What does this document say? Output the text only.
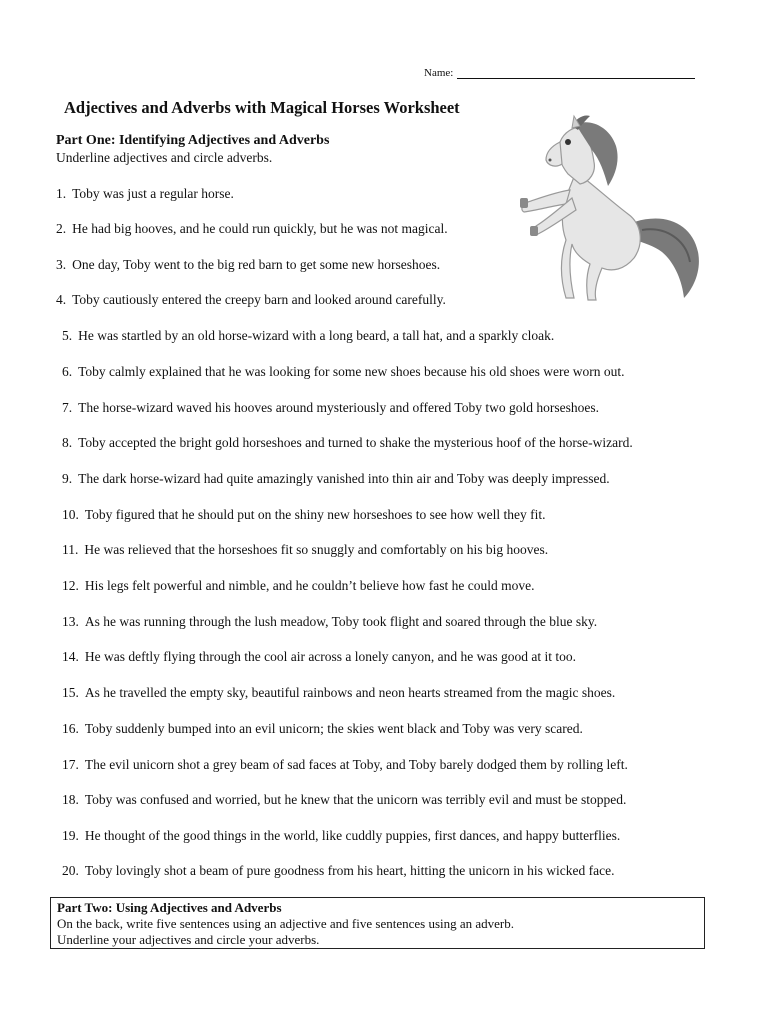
Name:
Adjectives and Adverbs with Magical Horses Worksheet
Part One: Identifying Adjectives and Adverbs

Underline adjectives and circle adverbs.

1. Toby was just a regular horse.
2. He had big hooves, and he could run quickly, but he was not magical.
3. One day, Toby went to the big red barn to get some new horseshoes.
4. Toby cautiously entered the creepy barn and looked around carefully.
5. He was startled by an old horse-wizard with a long beard, a tall hat, and a sparkly cloak.
6. Toby calmly explained that he was looking for some new shoes because his old shoes were worn out.
7. The horse-wizard waved his hooves around mysteriously and offered Toby two gold horseshoes.
8. Toby accepted the bright gold horseshoes and turned to shake the mysterious hoof of the horse-wizard.
9. The dark horse-wizard had quite amazingly vanished into thin air and Toby was deeply impressed.
10. Toby figured that he should put on the shiny new horseshoes to see how well they fit.
11. He was relieved that the horseshoes fit so snuggly and comfortably on his big hooves.
12. His legs felt powerful and nimble, and he couldn’t believe how fast he could move.
13. As he was running through the lush meadow, Toby took flight and soared through the blue sky.
14. He was deftly flying through the cool air across a lonely canyon, and he was good at it too.
15. As he travelled the empty sky, beautiful rainbows and neon hearts streamed from the magic shoes.
16. Toby suddenly bumped into an evil unicorn; the skies went black and Toby was very scared.
17. The evil unicorn shot a grey beam of sad faces at Toby, and Toby barely dodged them by rolling left.
18. Toby was confused and worried, but he knew that the unicorn was terribly evil and must be stopped.
19. He thought of the good things in the world, like cuddly puppies, first dances, and happy butterflies.
20. Toby lovingly shot a beam of pure goodness from his heart, hitting the unicorn in his wicked face.
Part Two: Using Adjectives and Adverbs
On the back, write five sentences using an adjective and five sentences using an adverb.
Underline your adjectives and circle your adverbs.
